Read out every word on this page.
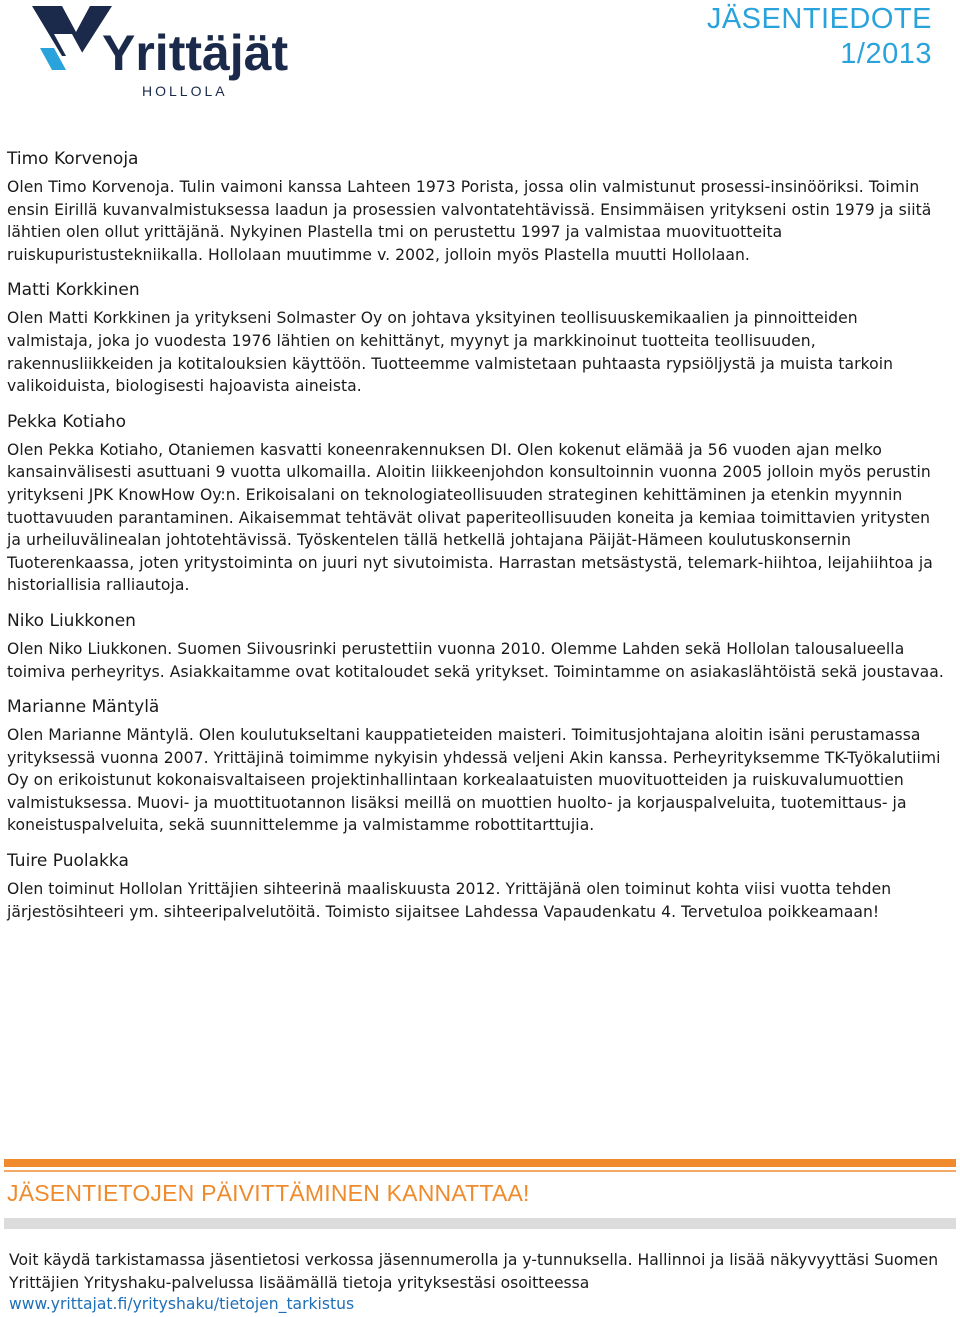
Yrittäjät
HOLLOLA
JÄSENTIEDOTE
1/2013
Timo Korvenoja

Olen Timo Korvenoja. Tulin vaimoni kanssa Lahteen 1973 Porista, jossa olin valmistunut prosessi-insinööriksi. Toimin ensin Eirillä kuvanvalmistuksessa laadun ja prosessien valvontatehtävissä. Ensimmäisen yritykseni ostin 1979 ja siitä lähtien olen ollut yrittäjänä. Nykyinen Plastella tmi on perustettu 1997 ja valmistaa muovituotteita ruiskupuristustekniikalla. Hollolaan muutimme v. 2002, jolloin myös Plastella muutti Hollolaan.

Matti Korkkinen

Olen Matti Korkkinen ja yritykseni Solmaster Oy on johtava yksityinen teollisuuskemikaalien ja pinnoitteiden valmistaja, joka jo vuodesta 1976 lähtien on kehittänyt, myynyt ja markkinoinut tuotteita teollisuuden, rakennusliikkeiden ja kotitalouksien käyttöön. Tuotteemme valmistetaan puhtaasta rypsiöljystä ja muista tarkoin valikoiduista, biologisesti hajoavista aineista.

Pekka Kotiaho

Olen Pekka Kotiaho, Otaniemen kasvatti koneenrakennuksen DI. Olen kokenut elämää ja 56 vuoden ajan melko kansainvälisesti asuttuani 9 vuotta ulkomailla. Aloitin liikkeenjohdon konsultoinnin vuonna 2005 jolloin myös perustin yritykseni JPK KnowHow Oy:n. Erikoisalani on teknologiateollisuuden strateginen kehittäminen ja etenkin myynnin tuottavuuden parantaminen. Aikaisemmat tehtävät olivat paperiteollisuuden koneita ja kemiaa toimittavien yritysten ja urheiluvälinealan johtotehtävissä. Työskentelen tällä hetkellä johtajana Päijät-Hämeen koulutuskonsernin Tuoterenkaassa, joten yritystoiminta on juuri nyt sivutoimista. Harrastan metsästystä, telemark-hiihtoa, leijahiihtoa ja historiallisia ralliautoja.

Niko Liukkonen

Olen Niko Liukkonen. Suomen Siivousrinki perustettiin vuonna 2010. Olemme Lahden sekä Hollolan talousalueella toimiva perheyritys. Asiakkaitamme ovat kotitaloudet sekä yritykset. Toimintamme on asiakaslähtöistä sekä joustavaa.

Marianne Mäntylä

Olen Marianne Mäntylä. Olen koulutukseltani kauppatieteiden maisteri. Toimitusjohtajana aloitin isäni perustamassa yrityksessä vuonna 2007. Yrittäjinä toimimme nykyisin yhdessä veljeni Akin kanssa. Perheyrityksemme TK-Työkalutiimi Oy on erikoistunut kokonaisvaltaiseen projektinhallintaan korkealaatuisten muovituotteiden ja ruiskuvalumuottien valmistuksessa. Muovi- ja muottituotannon lisäksi meillä on muottien huolto- ja korjauspalveluita, tuotemittaus- ja koneistuspalveluita, sekä suunnittelemme ja valmistamme robottitarttujia.

Tuire Puolakka

Olen toiminut Hollolan Yrittäjien sihteerinä maaliskuusta 2012. Yrittäjänä olen toiminut kohta viisi vuotta tehden järjestösihteeri ym. sihteeripalvelutöitä. Toimisto sijaitsee Lahdessa Vapaudenkatu 4. Tervetuloa poikkeamaan!

JÄSENTIETOJEN PÄIVITTÄMINEN KANNATTAA!

Voit käydä tarkistamassa jäsentietosi verkossa jäsennumerolla ja y-tunnuksella. Hallinnoi ja lisää näkyvyyttäsi Suomen Yrittäjien Yrityshaku-palvelussa lisäämällä tietoja yrityksestäsi osoitteessa

www.yrittajat.fi/yrityshaku/tietojen_tarkistus
